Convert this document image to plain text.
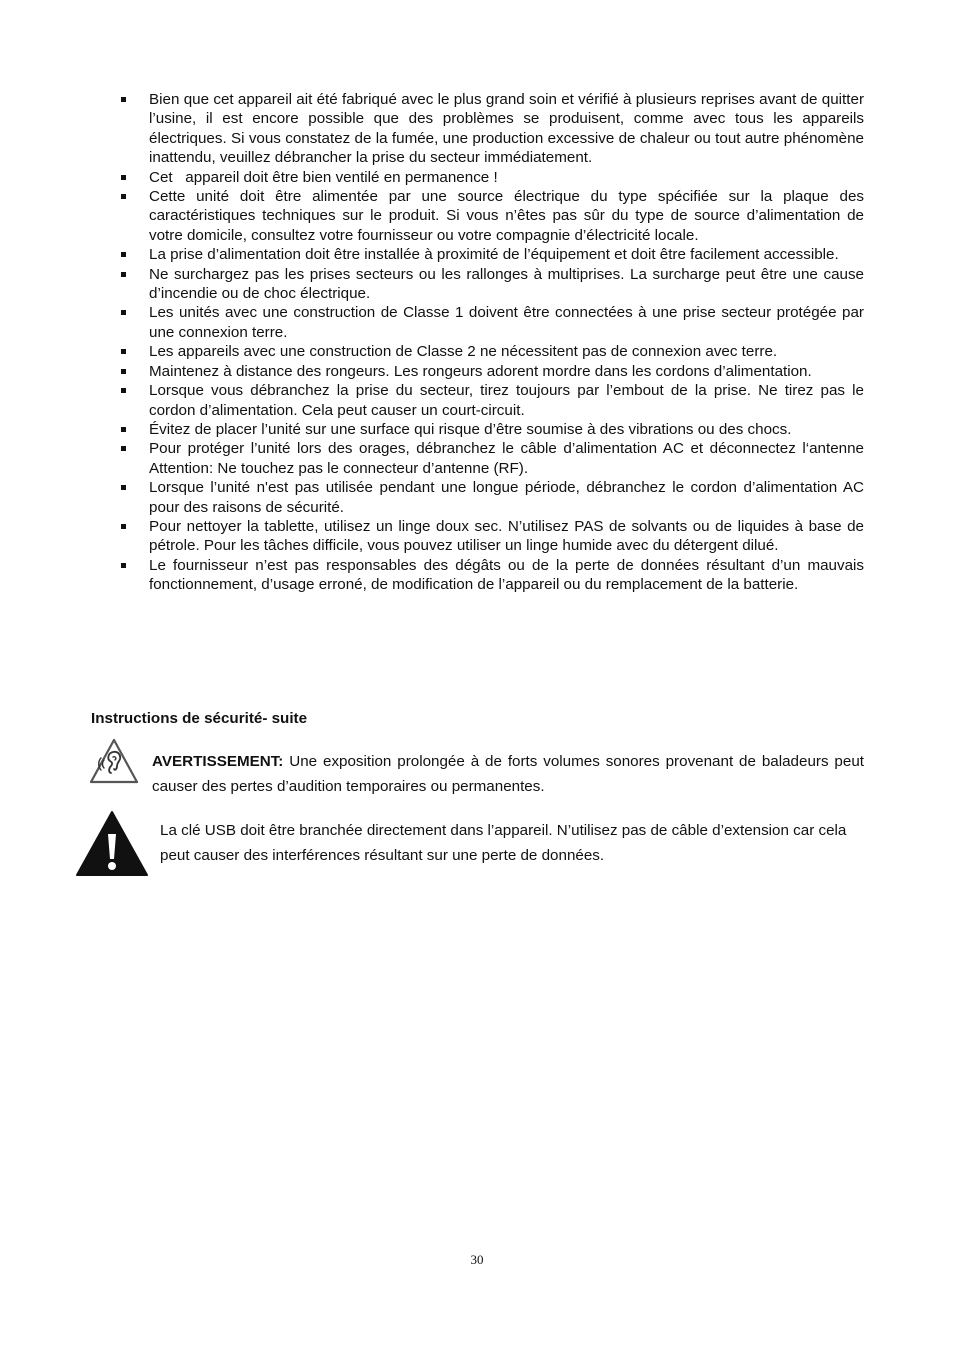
Bien que cet appareil ait été fabriqué avec le plus grand soin et vérifié à plusieurs reprises avant de quitter l’usine, il est encore possible que des problèmes se produisent, comme avec tous les appareils électriques. Si vous constatez de la fumée, une production excessive de chaleur ou tout autre phénomène inattendu, veuillez débrancher la prise du secteur immédiatement.
Cet   appareil doit être bien ventilé en permanence !
Cette unité doit être alimentée par une source électrique du type spécifiée sur la plaque des caractéristiques techniques sur le produit. Si vous n’êtes pas sûr du type de source d’alimentation de votre domicile, consultez votre fournisseur ou votre compagnie d’électricité locale.
La prise d’alimentation doit être installée à proximité de l’équipement et doit être facilement accessible.
Ne surchargez pas les prises secteurs ou les rallonges à multiprises. La surcharge peut être une cause d’incendie ou de choc électrique.
Les unités avec une construction de Classe 1 doivent être connectées à une prise secteur protégée par une connexion terre.
Les appareils avec une construction de Classe 2 ne nécessitent pas de connexion avec terre.
Maintenez à distance des rongeurs. Les rongeurs adorent mordre dans les cordons d’alimentation.
Lorsque vous débranchez la prise du secteur, tirez toujours par l’embout de la prise. Ne tirez pas le cordon d’alimentation. Cela peut causer un court-circuit.
Évitez de placer l’unité sur une surface qui risque d’être soumise à des vibrations ou des chocs.
Pour protéger l’unité lors des orages, débranchez le câble d’alimentation AC et déconnectez l‘antenne Attention: Ne touchez pas le connecteur d’antenne (RF).
Lorsque l’unité n'est pas utilisée pendant une longue période, débranchez le cordon d’alimentation AC pour des raisons de sécurité.
Pour nettoyer la tablette, utilisez un linge doux sec. N’utilisez PAS de solvants ou de liquides à base de pétrole. Pour les tâches difficile, vous pouvez utiliser un linge humide avec du détergent dilué.
Le fournisseur n’est pas responsables des dégâts ou de la perte de données résultant d’un mauvais fonctionnement, d’usage erroné, de modification de l’appareil ou du remplacement de la batterie.
Instructions de sécurité- suite

AVERTISSEMENT: Une exposition prolongée à de forts volumes sonores provenant de baladeurs peut causer des pertes d’audition temporaires ou permanentes.

La clé USB doit être branchée directement dans l’appareil. N’utilisez pas de câble d’extension car cela peut causer des interférences résultant sur une perte de données.

30
